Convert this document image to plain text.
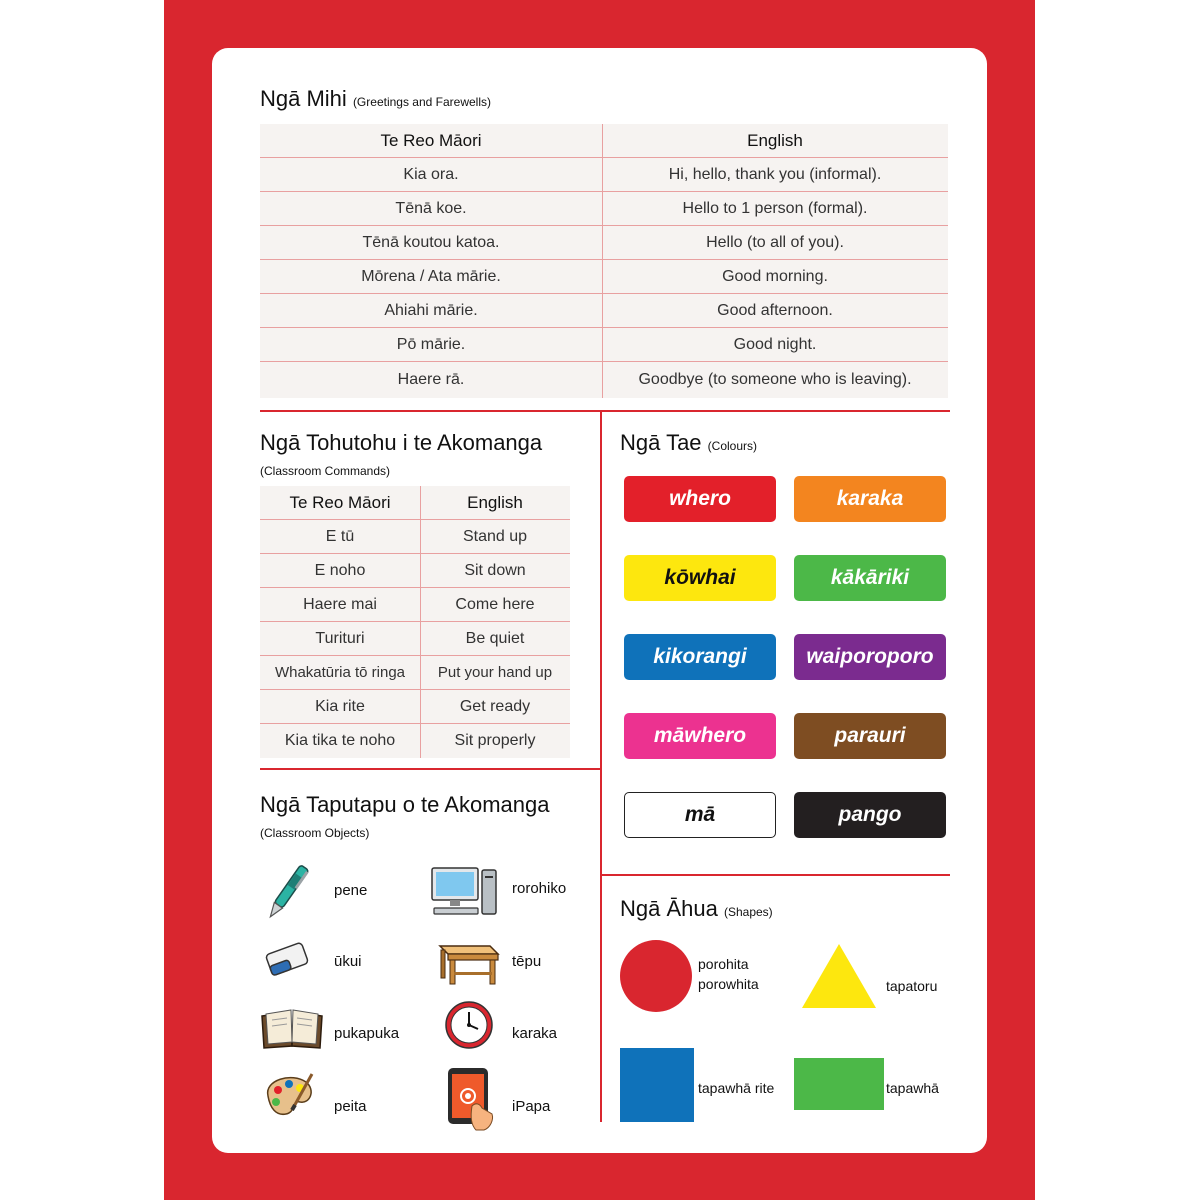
Ngā Mihi (Greetings and Farewells)
Te Reo Māori	English
Kia ora.	Hi, hello, thank you (informal).
Tēnā koe.	Hello to 1 person (formal).
Tēnā koutou katoa.	Hello (to all of you).
Mōrena / Ata mārie.	Good morning.
Ahiahi mārie.	Good afternoon.
Pō mārie.	Good night.
Haere rā.	Goodbye (to someone who is leaving).
Ngā Tohutohu i te Akomanga
(Classroom Commands)
Te Reo Māori	English
E tū	Stand up
E noho	Sit down
Haere mai	Come here
Turituri	Be quiet
Whakatūria tō ringa	Put your hand up
Kia rite	Get ready
Kia tika te noho	Sit properly
Ngā Taputapu o te Akomanga
(Classroom Objects)
pene	rorohiko
ūkui	tēpu
pukapuka	karaka
peita	iPapa
Ngā Tae (Colours)
whero	karaka
kōwhai	kākāriki
kikorangi	waiporoporo
māwhero	parauri
mā	pango
Ngā Āhua (Shapes)
porohita
porowhita	tapatoru
tapawhā rite	tapawhā
